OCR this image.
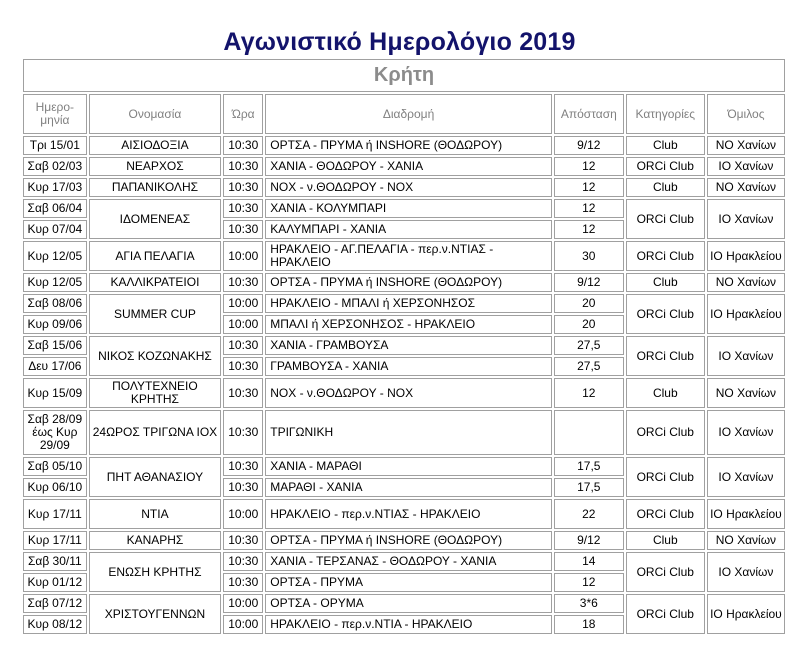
Αγωνιστικό Ημερολόγιο 2019
Κρήτη						
Ημερο-μηνία	Ονομασία	Ώρα	Διαδρομή	Απόσταση	Κατηγορίες	Όμιλος
Τρι 15/01	ΑΙΣΙΟΔΟΞΙΑ	10:30	ΟΡΤΣΑ - ΠΡΥΜΑ ή INSHORE (ΘΟΔΩΡΟΥ)	9/12	Club	ΝΟ Χανίων
Σαβ 02/03	ΝΕΑΡΧΟΣ	10:30	ΧΑΝΙΑ - ΘΟΔΩΡΟΥ - ΧΑΝΙΑ	12	ORCi Club	ΙΟ Χανίων
Κυρ 17/03	ΠΑΠΑΝΙΚΟΛΗΣ	10:30	ΝΟΧ - ν.ΘΟΔΩΡΟΥ - ΝΟΧ	12	Club	ΝΟ Χανίων
Σαβ 06/04	ΙΔΟΜΕΝΕΑΣ	10:30	ΧΑΝΙΑ - ΚΟΛΥΜΠΑΡΙ	12	ORCi Club	ΙΟ Χανίων
Κυρ 07/04		10:30	ΚΑΛΥΜΠΑΡΙ - ΧΑΝΙΑ	12		
Κυρ 12/05	ΑΓΙΑ ΠΕΛΑΓΙΑ	10:00	ΗΡΑΚΛΕΙΟ - ΑΓ.ΠΕΛΑΓΙΑ - περ.ν.ΝΤΙΑΣ - ΗΡΑΚΛΕΙΟ	30	ORCi Club	ΙΟ Ηρακλείου
Κυρ 12/05	ΚΑΛΛΙΚΡΑΤΕΙΟΙ	10:30	ΟΡΤΣΑ - ΠΡΥΜΑ ή INSHORE (ΘΟΔΩΡΟΥ)	9/12	Club	ΝΟ Χανίων
Σαβ 08/06	SUMMER CUP	10:00	ΗΡΑΚΛΕΙΟ - ΜΠΑΛΙ ή ΧΕΡΣΟΝΗΣΟΣ	20	ORCi Club	ΙΟ Ηρακλείου
Κυρ 09/06		10:00	ΜΠΑΛΙ ή ΧΕΡΣΟΝΗΣΟΣ - ΗΡΑΚΛΕΙΟ	20		
Σαβ 15/06	ΝΙΚΟΣ ΚΟΖΩΝΑΚΗΣ	10:30	ΧΑΝΙΑ - ΓΡΑΜΒΟΥΣΑ	27,5	ORCi Club	ΙΟ Χανίων
Δευ 17/06		10:30	ΓΡΑΜΒΟΥΣΑ - ΧΑΝΙΑ	27,5		
Κυρ 15/09	ΠΟΛΥΤΕΧΝΕΙΟ ΚΡΗΤΗΣ	10:30	ΝΟΧ - ν.ΘΟΔΩΡΟΥ - ΝΟΧ	12	Club	ΝΟ Χανίων
Σαβ 28/09 έως Κυρ 29/09	24ΩΡΟΣ ΤΡΙΓΩΝΑ ΙΟΧ	10:30	ΤΡΙΓΩΝΙΚΗ		ORCi Club	ΙΟ Χανίων
Σαβ 05/10	ΠΗΤ ΑΘΑΝΑΣΙΟΥ	10:30	ΧΑΝΙΑ - ΜΑΡΑΘΙ	17,5	ORCi Club	ΙΟ Χανίων
Κυρ 06/10		10:30	ΜΑΡΑΘΙ - ΧΑΝΙΑ	17,5		
Κυρ 17/11	ΝΤΙΑ	10:00	ΗΡΑΚΛΕΙΟ - περ.ν.ΝΤΙΑΣ - ΗΡΑΚΛΕΙΟ	22	ORCi Club	ΙΟ Ηρακλείου
Κυρ 17/11	ΚΑΝΑΡΗΣ	10:30	ΟΡΤΣΑ - ΠΡΥΜΑ ή INSHORE (ΘΟΔΩΡΟΥ)	9/12	Club	ΝΟ Χανίων
Σαβ 30/11	ΕΝΩΣΗ ΚΡΗΤΗΣ	10:30	ΧΑΝΙΑ - ΤΕΡΣΑΝΑΣ - ΘΟΔΩΡΟΥ - ΧΑΝΙΑ	14	ORCi Club	ΙΟ Χανίων
Κυρ 01/12		10:30	ΟΡΤΣΑ - ΠΡΥΜΑ	12		
Σαβ 07/12	ΧΡΙΣΤΟΥΓΕΝΝΩΝ	10:00	ΟΡΤΣΑ - ΟΡΥΜΑ	3*6	ORCi Club	ΙΟ Ηρακλείου
Κυρ 08/12		10:00	ΗΡΑΚΛΕΙΟ - περ.ν.ΝΤΙΑ - ΗΡΑΚΛΕΙΟ	18		
